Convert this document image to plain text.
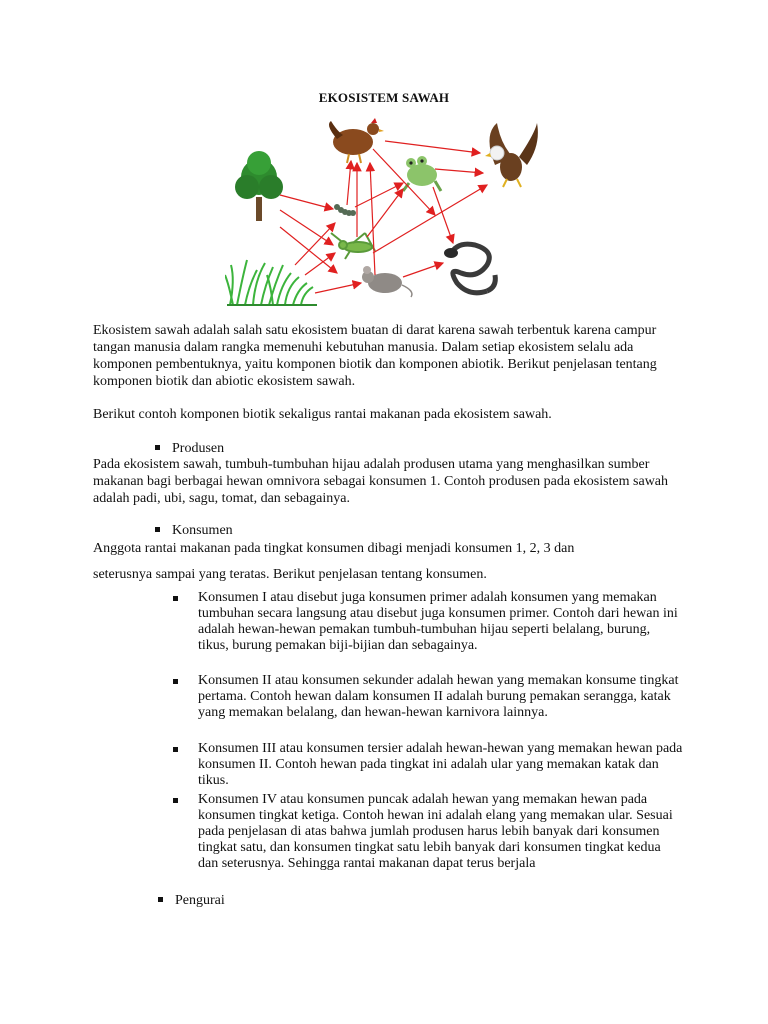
EKOSISTEM SAWAH

Ekosistem sawah adalah salah satu ekosistem buatan di darat karena sawah terbentuk karena campur tangan manusia dalam rangka memenuhi kebutuhan manusia. Dalam setiap ekosistem selalu ada komponen pembentuknya, yaitu komponen biotik dan komponen abiotik. Berikut penjelasan tentang komponen biotik dan abiotic ekosistem sawah.

Berikut contoh komponen biotik sekaligus rantai makanan pada ekosistem sawah.

Produsen

Pada ekosistem sawah, tumbuh-tumbuhan hijau adalah produsen utama yang menghasilkan sumber makanan bagi berbagai hewan omnivora sebagai konsumen 1. Contoh produsen pada ekosistem sawah adalah padi, ubi, sagu, tomat, dan sebagainya.

Konsumen

Anggota rantai makanan pada tingkat konsumen dibagi menjadi konsumen 1, 2, 3 dan

seterusnya sampai yang teratas. Berikut penjelasan tentang konsumen.

Konsumen I atau disebut juga konsumen primer adalah konsumen yang memakan tumbuhan secara langsung atau disebut juga konsumen primer. Contoh dari hewan ini adalah hewan-hewan pemakan tumbuh-tumbuhan hijau seperti belalang, burung, tikus, burung pemakan biji-bijian dan sebagainya.
Konsumen II atau konsumen sekunder adalah hewan yang memakan konsume tingkat pertama. Contoh hewan dalam konsumen II adalah burung pemakan serangga, katak yang memakan belalang, dan hewan-hewan karnivora lainnya.
Konsumen III atau konsumen tersier adalah hewan-hewan yang memakan hewan pada konsumen II. Contoh hewan pada tingkat ini adalah ular yang memakan katak dan tikus.
Konsumen IV atau konsumen puncak adalah hewan yang memakan hewan pada konsumen tingkat ketiga. Contoh hewan ini adalah elang yang memakan ular. Sesuai pada penjelasan di atas bahwa jumlah produsen harus lebih banyak dari konsumen tingkat satu, dan konsumen tingkat satu lebih banyak dari konsumen tingkat kedua dan seterusnya. Sehingga rantai makanan dapat terus berjala
Pengurai
